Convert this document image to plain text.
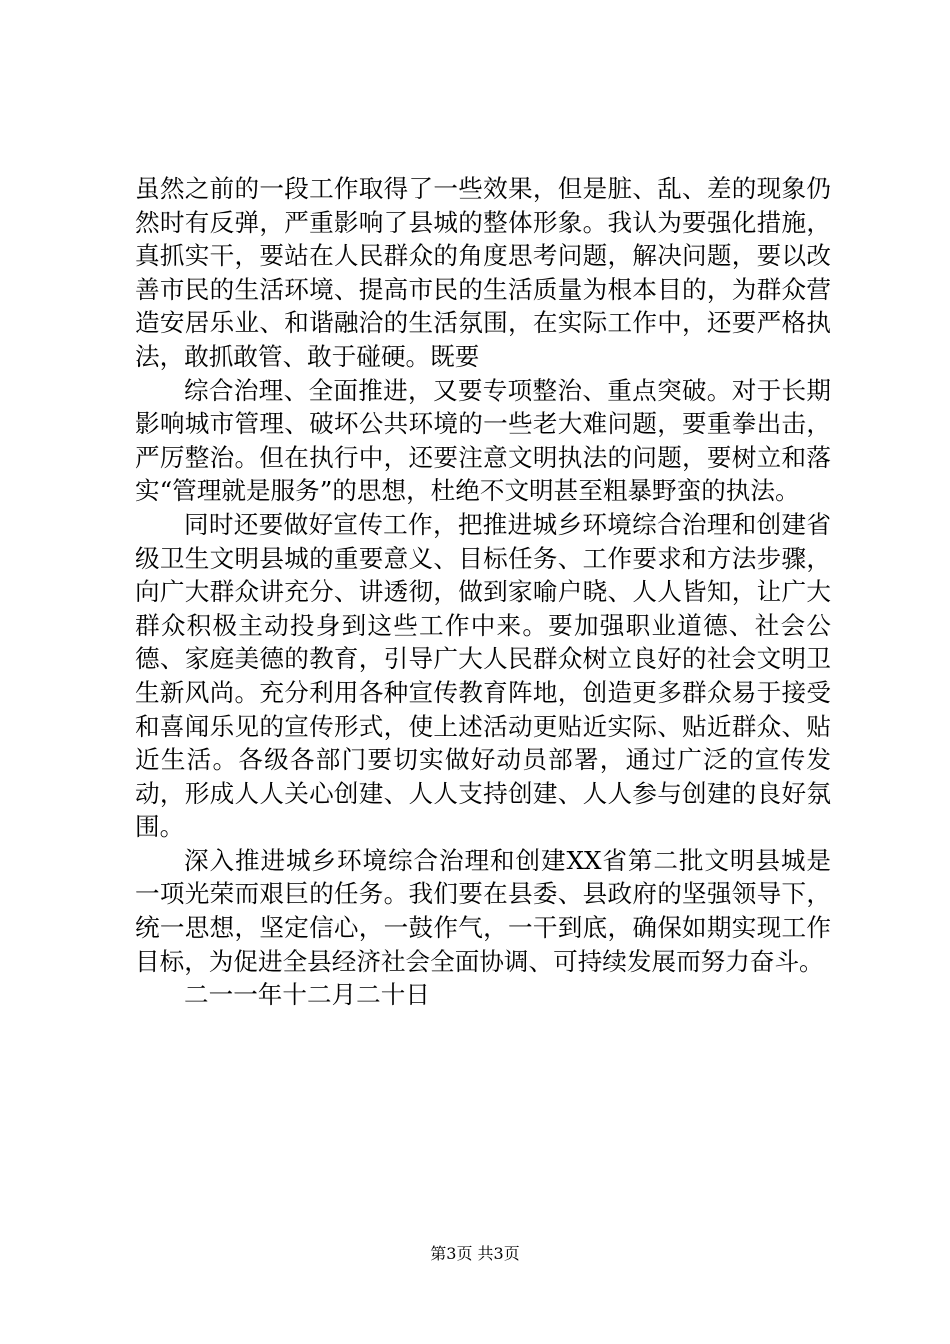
虽然之前的一段工作取得了一些效果，但是脏、乱、差的现象仍然时有反弹，严重影响了县城的整体形象。我认为要强化措施，真抓实干，要站在人民群众的角度思考问题，解决问题，要以改善市民的生活环境、提高市民的生活质量为根本目的，为群众营造安居乐业、和谐融洽的生活氛围，在实际工作中，还要严格执法，敢抓敢管、敢于碰硬。既要

综合治理、全面推进，又要专项整治、重点突破。对于长期影响城市管理、破坏公共环境的一些老大难问题，要重拳出击，严厉整治。但在执行中，还要注意文明执法的问题，要树立和落实“管理就是服务”的思想，杜绝不文明甚至粗暴野蛮的执法。

同时还要做好宣传工作，把推进城乡环境综合治理和创建省级卫生文明县城的重要意义、目标任务、工作要求和方法步骤，向广大群众讲充分、讲透彻，做到家喻户晓、人人皆知，让广大群众积极主动投身到这些工作中来。要加强职业道德、社会公德、家庭美德的教育，引导广大人民群众树立良好的社会文明卫生新风尚。充分利用各种宣传教育阵地，创造更多群众易于接受和喜闻乐见的宣传形式，使上述活动更贴近实际、贴近群众、贴近生活。各级各部门要切实做好动员部署，通过广泛的宣传发动，形成人人关心创建、人人支持创建、人人参与创建的良好氛围。

深入推进城乡环境综合治理和创建XX省第二批文明县城是一项光荣而艰巨的任务。我们要在县委、县政府的坚强领导下，统一思想，坚定信心，一鼓作气，一干到底，确保如期实现工作目标，为促进全县经济社会全面协调、可持续发展而努力奋斗。

二一一年十二月二十日

第3页 共3页
